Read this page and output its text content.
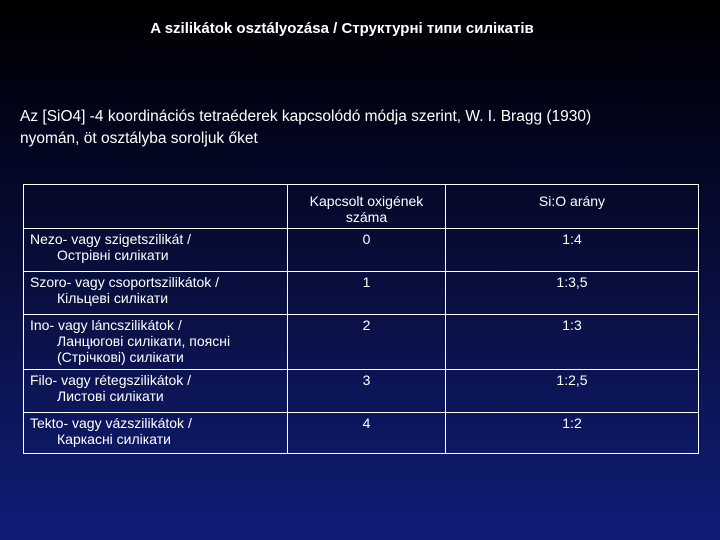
A szilikátok osztályozása / Структурні типи силікатів
Az [SiO4] -4 koordinációs tetraéderek kapcsolódó módja szerint, W. I. Bragg (1930)
nyomán, öt osztályba soroljuk őket
	Kapcsolt oxigének száma	Si:O arány

Nezo- vagy szigetszilikát /
Острівні силікати	0	1:4

Szoro- vagy csoportszilikátok /
Кільцеві силікати	1	1:3,5

Ino- vagy láncszilikátok /
Ланцюгові силікати, поясні
(Стрічкові) силікати	2	1:3

Filo- vagy rétegszilikátok /
Листові силікати	3	1:2,5

Tekto- vagy vázszilikátok /
Каркасні силікати	4	1:2
